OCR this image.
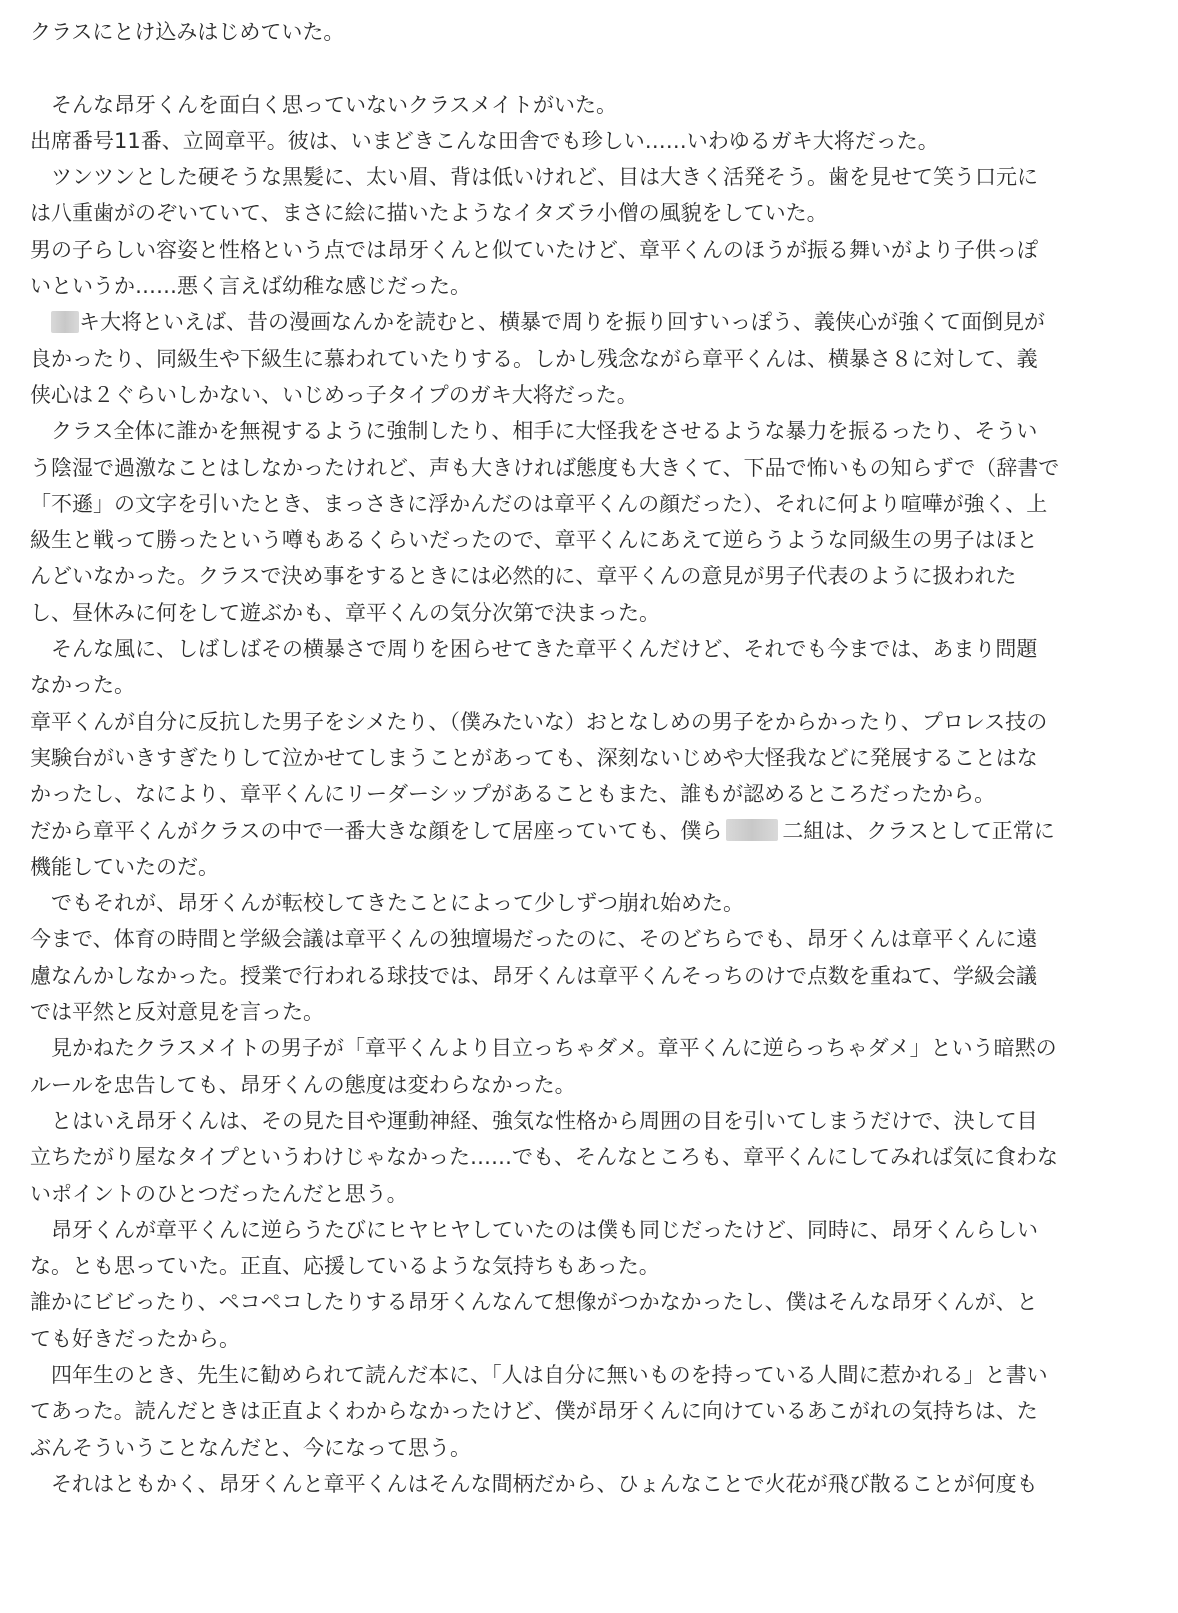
クラスにとけ込みはじめていた。
　そんな昂牙くんを面白く思っていないクラスメイトがいた。
出席番号11番、立岡章平。彼は、いまどきこんな田舎でも珍しい……いわゆるガキ大将だった。
　ツンツンとした硬そうな黒髪に、太い眉、背は低いけれど、目は大きく活発そう。歯を見せて笑う口元に
は八重歯がのぞいていて、まさに絵に描いたようなイタズラ小僧の風貌をしていた。
男の子らしい容姿と性格という点では昂牙くんと似ていたけど、章平くんのほうが振る舞いがより子供っぽ
いというか……悪く言えば幼稚な感じだった。
　キ大将といえば、昔の漫画なんかを読むと、横暴で周りを振り回すいっぽう、義侠心が強くて面倒見が
良かったり、同級生や下級生に慕われていたりする。しかし残念ながら章平くんは、横暴さ８に対して、義
侠心は２ぐらいしかない、いじめっ子タイプのガキ大将だった。
　クラス全体に誰かを無視するように強制したり、相手に大怪我をさせるような暴力を振るったり、そうい
う陰湿で過激なことはしなかったけれど、声も大きければ態度も大きくて、下品で怖いもの知らずで（辞書で
「不遜」の文字を引いたとき、まっさきに浮かんだのは章平くんの顔だった）、それに何より喧嘩が強く、上
級生と戦って勝ったという噂もあるくらいだったので、章平くんにあえて逆らうような同級生の男子はほと
んどいなかった。クラスで決め事をするときには必然的に、章平くんの意見が男子代表のように扱われた
し、昼休みに何をして遊ぶかも、章平くんの気分次第で決まった。
　そんな風に、しばしばその横暴さで周りを困らせてきた章平くんだけど、それでも今までは、あまり問題
なかった。
章平くんが自分に反抗した男子をシメたり、（僕みたいな）おとなしめの男子をからかったり、プロレス技の
実験台がいきすぎたりして泣かせてしまうことがあっても、深刻ないじめや大怪我などに発展することはな
かったし、なにより、章平くんにリーダーシップがあることもまた、誰もが認めるところだったから。
だから章平くんがクラスの中で一番大きな顔をして居座っていても、僕ら	二組は、クラスとして正常に
機能していたのだ。
　でもそれが、昂牙くんが転校してきたことによって少しずつ崩れ始めた。
今まで、体育の時間と学級会議は章平くんの独壇場だったのに、そのどちらでも、昂牙くんは章平くんに遠
慮なんかしなかった。授業で行われる球技では、昂牙くんは章平くんそっちのけで点数を重ねて、学級会議
では平然と反対意見を言った。
　見かねたクラスメイトの男子が「章平くんより目立っちゃダメ。章平くんに逆らっちゃダメ」という暗黙の
ルールを忠告しても、昂牙くんの態度は変わらなかった。
　とはいえ昂牙くんは、その見た目や運動神経、強気な性格から周囲の目を引いてしまうだけで、決して目
立ちたがり屋なタイプというわけじゃなかった……でも、そんなところも、章平くんにしてみれば気に食わな
いポイントのひとつだったんだと思う。
　昂牙くんが章平くんに逆らうたびにヒヤヒヤしていたのは僕も同じだったけど、同時に、昂牙くんらしい
な。とも思っていた。正直、応援しているような気持ちもあった。
誰かにビビったり、ペコペコしたりする昂牙くんなんて想像がつかなかったし、僕はそんな昂牙くんが、と
ても好きだったから。
　四年生のとき、先生に勧められて読んだ本に、「人は自分に無いものを持っている人間に惹かれる」と書い
てあった。読んだときは正直よくわからなかったけど、僕が昂牙くんに向けているあこがれの気持ちは、た
ぶんそういうことなんだと、今になって思う。
　それはともかく、昂牙くんと章平くんはそんな間柄だから、ひょんなことで火花が飛び散ることが何度も
